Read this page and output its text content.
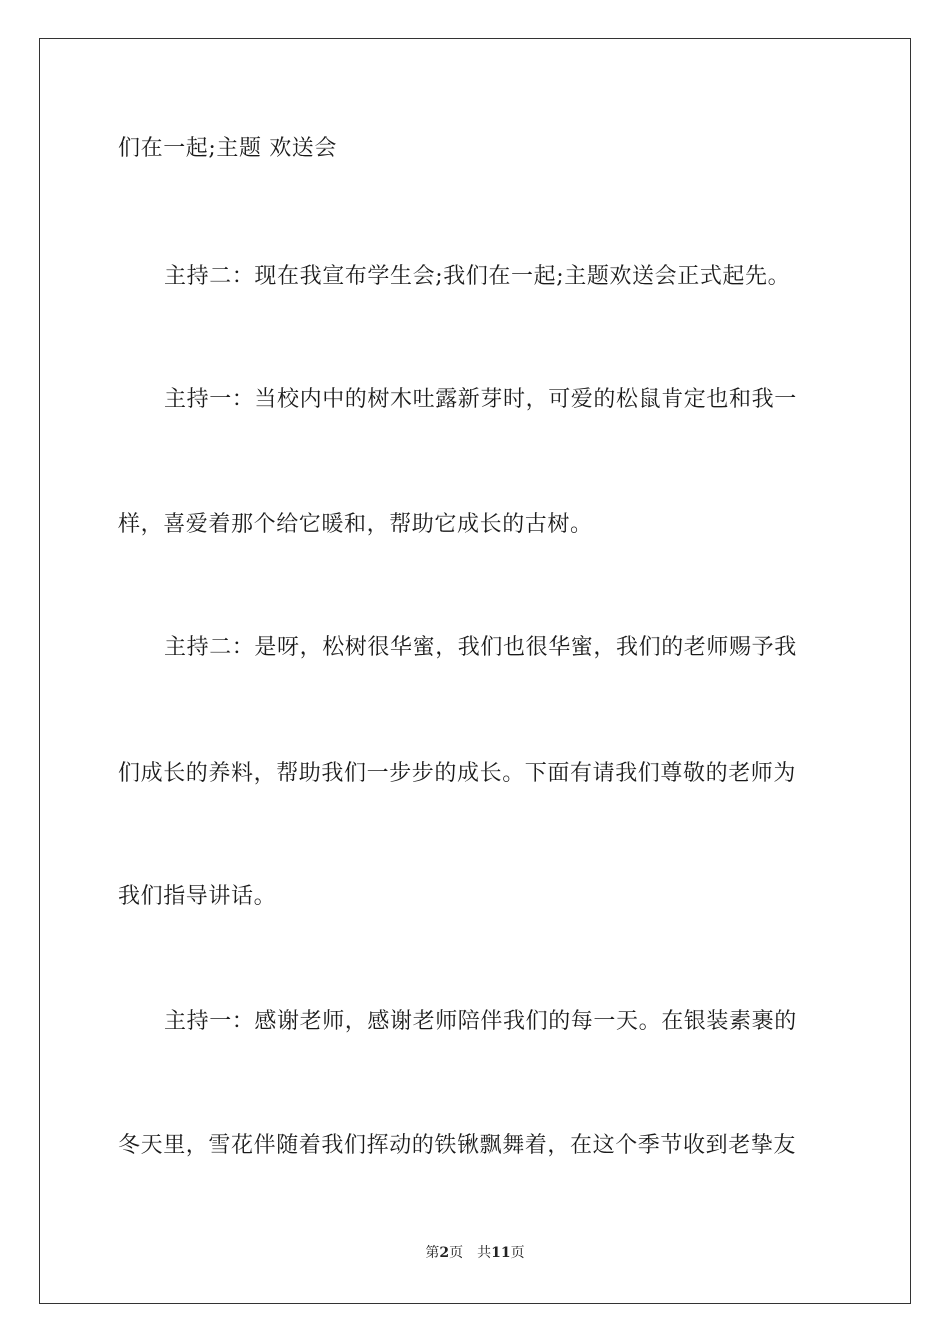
们在一起;主题 欢送会
主持二：现在我宣布学生会;我们在一起;主题欢送会正式起先。
主持一：当校内中的树木吐露新芽时，可爱的松鼠肯定也和我一
样，喜爱着那个给它暖和，帮助它成长的古树。
主持二：是呀，松树很华蜜，我们也很华蜜，我们的老师赐予我
们成长的养料，帮助我们一步步的成长。下面有请我们尊敬的老师为
我们指导讲话。
主持一：感谢老师，感谢老师陪伴我们的每一天。在银装素裹的
冬天里，雪花伴随着我们挥动的铁锹飘舞着，在这个季节收到老挚友
第2页 共11页
